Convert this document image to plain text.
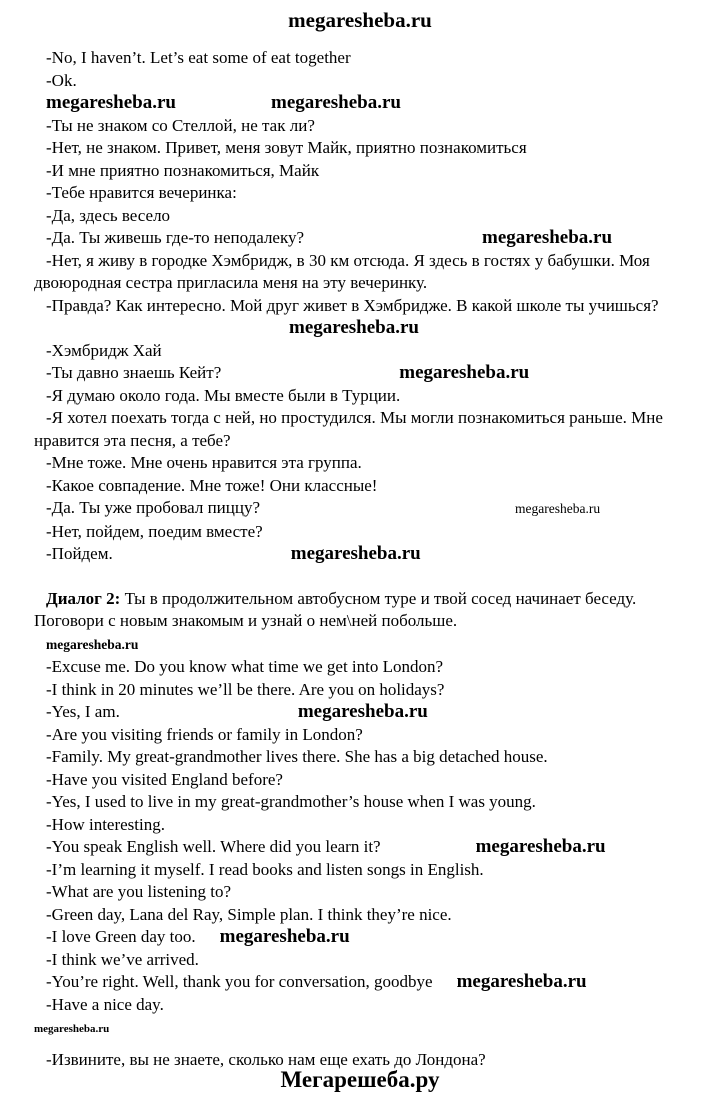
megaresheba.ru

-No, I haven’t. Let’s eat some of eat together

-Ok.

megaresheba.ru	megaresheba.ru

-Ты не знаком со Стеллой, не так ли?

-Нет, не знаком. Привет, меня зовут Майк, приятно познакомиться

-И мне приятно познакомиться, Майк

-Тебе нравится вечеринка:

-Да, здесь весело

-Да. Ты живешь где-то неподалеку?	megaresheba.ru

-Нет, я живу в городке Хэмбридж, в 30 км отсюда. Я здесь в гостях у бабушки. Моя двоюродная сестра пригласила меня на эту вечеринку.

-Правда? Как интересно. Мой друг живет в Хэмбридже. В какой школе ты учишься?megaresheba.ru

-Хэмбридж Хай

-Ты давно знаешь Кейт?	megaresheba.ru

-Я думаю около года. Мы вместе были в Турции.

-Я хотел поехать тогда с ней, но простудился. Мы могли познакомиться раньше. Мне нравится эта песня, а тебе?

-Мне тоже. Мне очень нравится эта группа.

-Какое совпадение. Мне тоже! Они классные!

-Да. Ты уже пробовал пиццу?	megaresheba.ru

-Нет, пойдем, поедим вместе?

-Пойдем.	megaresheba.ru

Диалог 2: Ты в продолжительном автобусном туре и твой сосед начинает беседу. Поговори с новым знакомым и узнай о нем\ней побольше.

megaresheba.ru

-Excuse me. Do you know what time we get into London?

-I think in 20 minutes we’ll be there. Are you on holidays?

-Yes, I am.	megaresheba.ru

-Are you visiting friends or family in London?

-Family. My great-grandmother lives there. She has a big detached house.

-Have you visited England before?

-Yes, I used to live in my great-grandmother’s house when I was young.

-How interesting.

-You speak English well. Where did you learn it?	megaresheba.ru

-I’m learning it myself. I read books and listen songs in English.

-What are you listening to?

-Green day, Lana del Ray, Simple plan. I think they’re nice.

-I love Green day too. megaresheba.ru

-I think we’ve arrived.

-You’re right. Well, thank you for conversation, goodbye megaresheba.ru

-Have a nice day.

megaresheba.ru

-Извините, вы не знаете, сколько нам еще ехать до Лондона?

Мегарешеба.ру
